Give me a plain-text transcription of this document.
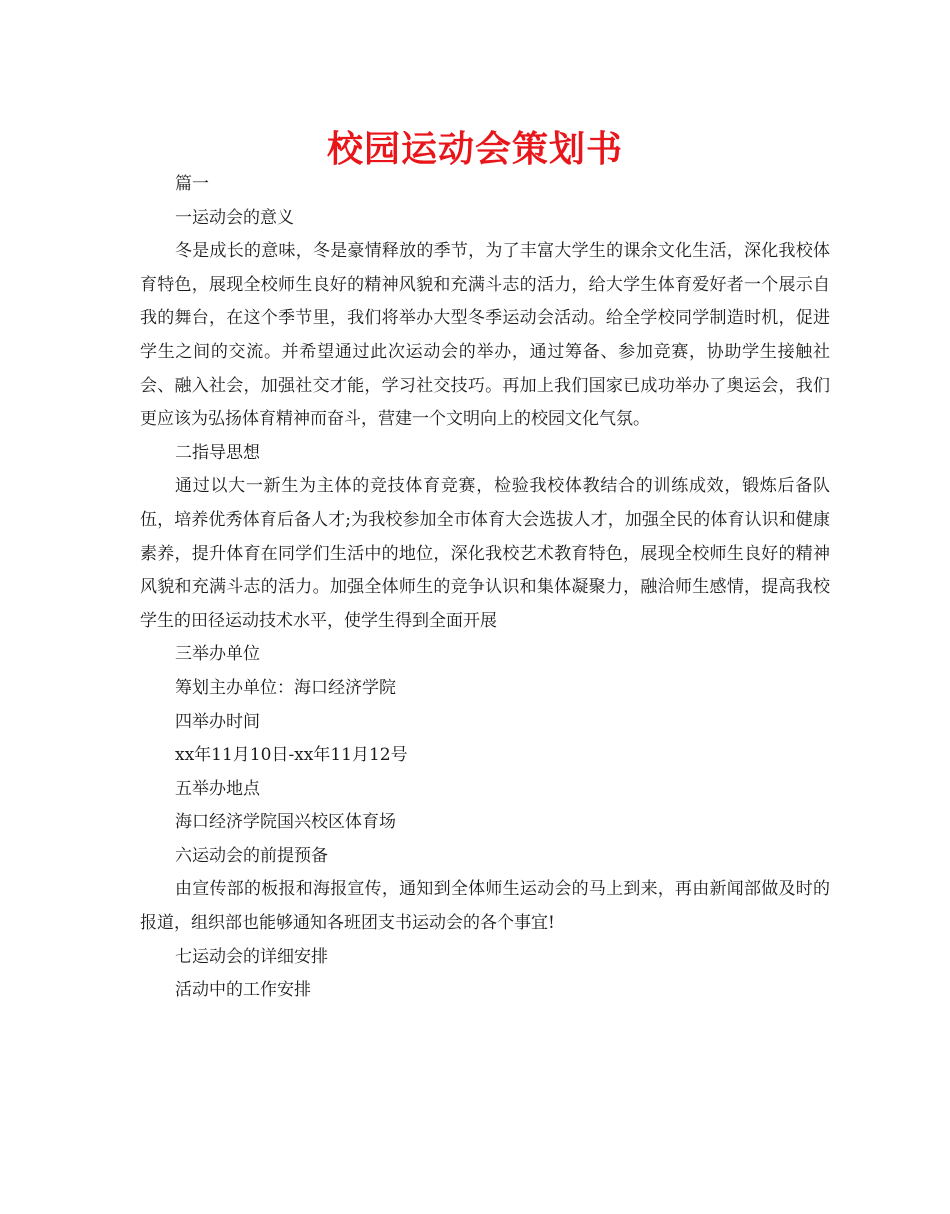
校园运动会策划书

篇一

一运动会的意义

冬是成长的意味，冬是豪情释放的季节，为了丰富大学生的课余文化生活，深化我校体育特色，展现全校师生良好的精神风貌和充满斗志的活力，给大学生体育爱好者一个展示自我的舞台，在这个季节里，我们将举办大型冬季运动会活动。给全学校同学制造时机，促进学生之间的交流。并希望通过此次运动会的举办，通过筹备、参加竞赛，协助学生接触社会、融入社会，加强社交才能，学习社交技巧。再加上我们国家已成功举办了奥运会，我们更应该为弘扬体育精神而奋斗，营建一个文明向上的校园文化气氛。

二指导思想

通过以大一新生为主体的竞技体育竞赛，检验我校体教结合的训练成效，锻炼后备队伍，培养优秀体育后备人才;为我校参加全市体育大会选拔人才，加强全民的体育认识和健康素养，提升体育在同学们生活中的地位，深化我校艺术教育特色，展现全校师生良好的精神风貌和充满斗志的活力。加强全体师生的竞争认识和集体凝聚力，融洽师生感情，提高我校学生的田径运动技术水平，使学生得到全面开展

三举办单位

筹划主办单位：海口经济学院

四举办时间

xx年11月10日-xx年11月12号

五举办地点

海口经济学院国兴校区体育场

六运动会的前提预备

由宣传部的板报和海报宣传，通知到全体师生运动会的马上到来，再由新闻部做及时的报道，组织部也能够通知各班团支书运动会的各个事宜!

七运动会的详细安排

活动中的工作安排
